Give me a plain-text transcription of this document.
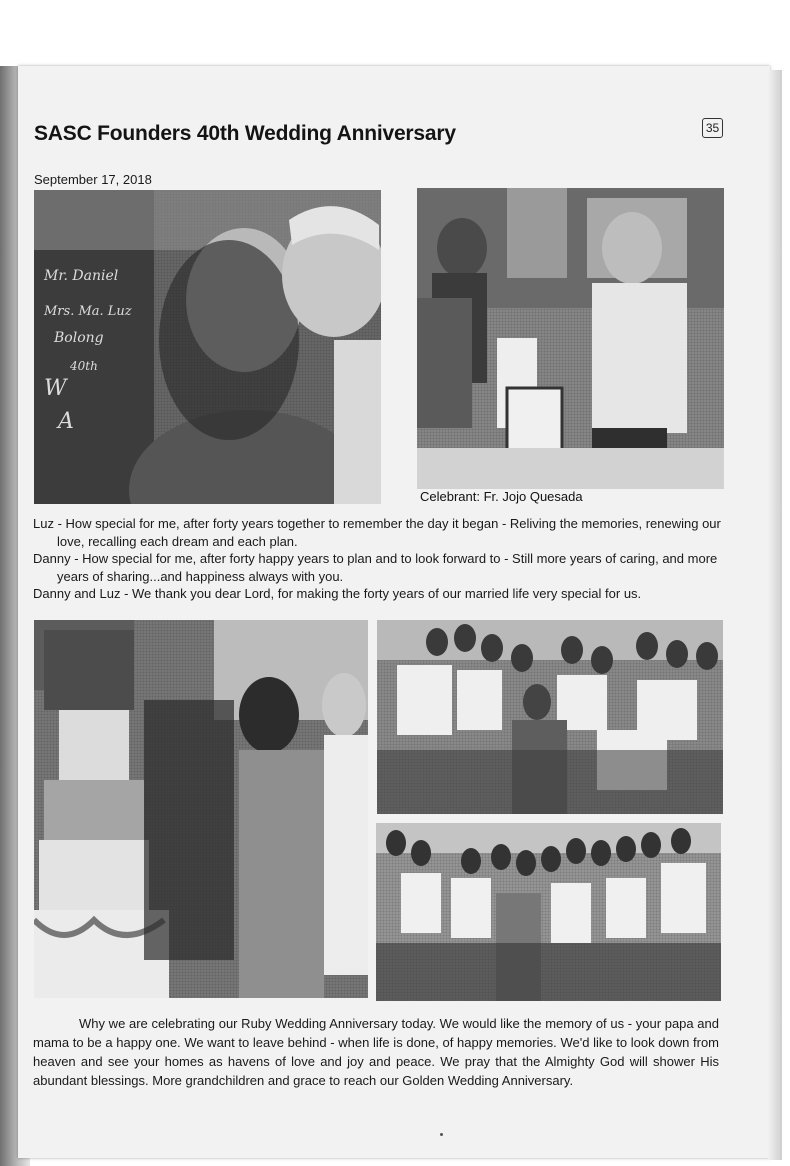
SASC Founders 40th Wedding Anniversary	35
September 17, 2018
Mr. Daniel
Mrs. Ma. Luz
Bolong
40th
W
A
Celebrant: Fr. Jojo Quesada
Luz - How special for me, after forty years together to remember the day it began - Reliving the memories, renewing our love, recalling each dream and each plan.
Danny - How special for me, after forty happy years to plan and to look forward to - Still more years of caring, and more years of sharing...and happiness always with you.
Danny and Luz - We thank you dear Lord, for making the forty years of our married life very special for us.

Why we are celebrating our Ruby Wedding Anniversary today. We would like the memory of us - your papa and mama to be a happy one. We want to leave behind - when life is done, of happy memories. We'd like to look down from heaven and see your homes as havens of love and joy and peace. We pray that the Almighty God will shower His abundant blessings. More grandchildren and grace to reach our Golden Wedding Anniversary.
